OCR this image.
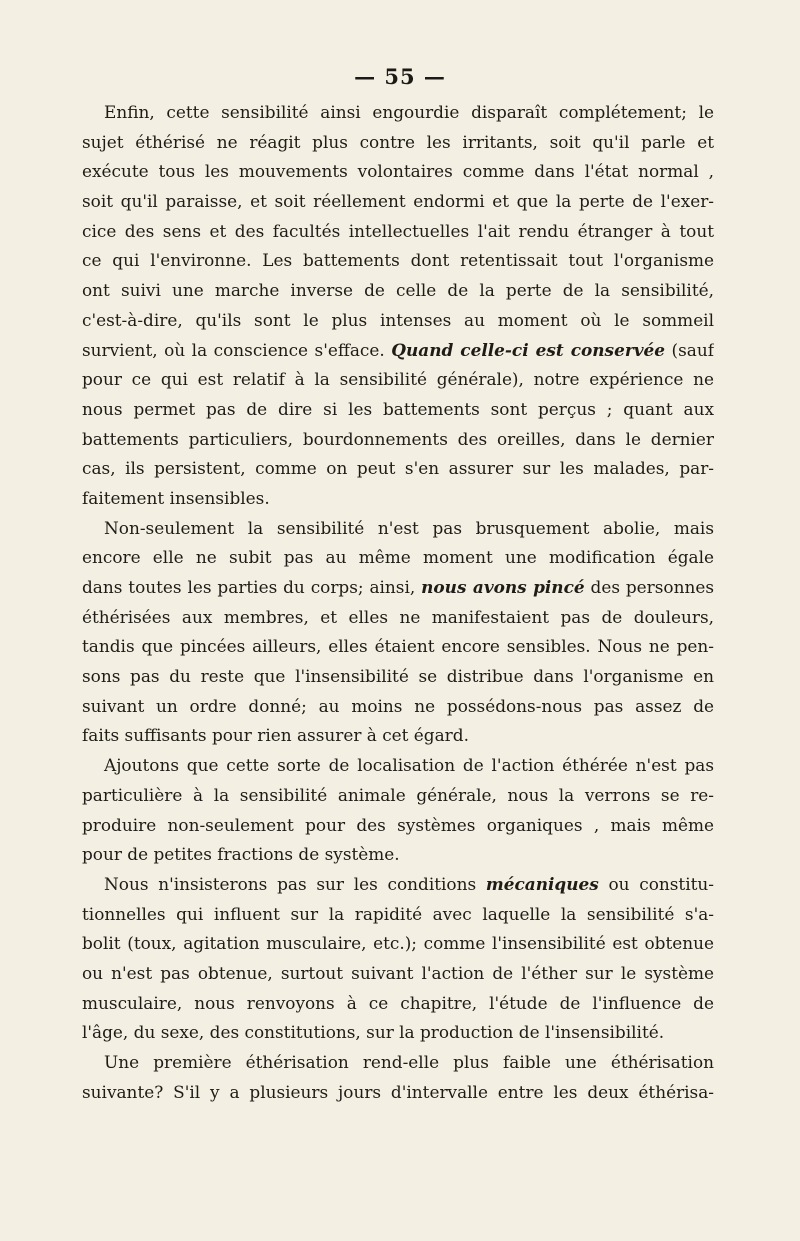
— 55 —
Enfin, cette sensibilité ainsi engourdie disparaît complétement; le
sujet éthérisé ne réagit plus contre les irritants, soit qu'il parle et
exécute tous les mouvements volontaires comme dans l'état normal ,
soit qu'il paraisse, et soit réellement endormi et que la perte de l'exer-
cice des sens et des facultés intellectuelles l'ait rendu étranger à tout
ce qui l'environne. Les battements dont retentissait tout l'organisme
ont suivi une marche inverse de celle de la perte de la sensibilité,
c'est-à-dire, qu'ils sont le plus intenses au moment où le sommeil
survient, où la conscience s'efface. Quand celle-ci est conservée (sauf
pour ce qui est relatif à la sensibilité générale), notre expérience ne
nous permet pas de dire si les battements sont perçus ; quant aux
battements particuliers, bourdonnements des oreilles, dans le dernier
cas, ils persistent, comme on peut s'en assurer sur les malades, par-
faitement insensibles.
Non-seulement la sensibilité n'est pas brusquement abolie, mais
encore elle ne subit pas au même moment une modification égale
dans toutes les parties du corps; ainsi, nous avons pincé des personnes
éthérisées aux membres, et elles ne manifestaient pas de douleurs,
tandis que pincées ailleurs, elles étaient encore sensibles. Nous ne pen-
sons pas du reste que l'insensibilité se distribue dans l'organisme en
suivant un ordre donné; au moins ne possédons-nous pas assez de
faits suffisants pour rien assurer à cet égard.
Ajoutons que cette sorte de localisation de l'action éthérée n'est pas
particulière à la sensibilité animale générale, nous la verrons se re-
produire non-seulement pour des systèmes organiques , mais même
pour de petites fractions de système.
Nous n'insisterons pas sur les conditions mécaniques ou constitu-
tionnelles qui influent sur la rapidité avec laquelle la sensibilité s'a-
bolit (toux, agitation musculaire, etc.); comme l'insensibilité est obtenue
ou n'est pas obtenue, surtout suivant l'action de l'éther sur le système
musculaire, nous renvoyons à ce chapitre, l'étude de l'influence de
l'âge, du sexe, des constitutions, sur la production de l'insensibilité.
Une première éthérisation rend-elle plus faible une éthérisation
suivante? S'il y a plusieurs jours d'intervalle entre les deux éthérisa-
